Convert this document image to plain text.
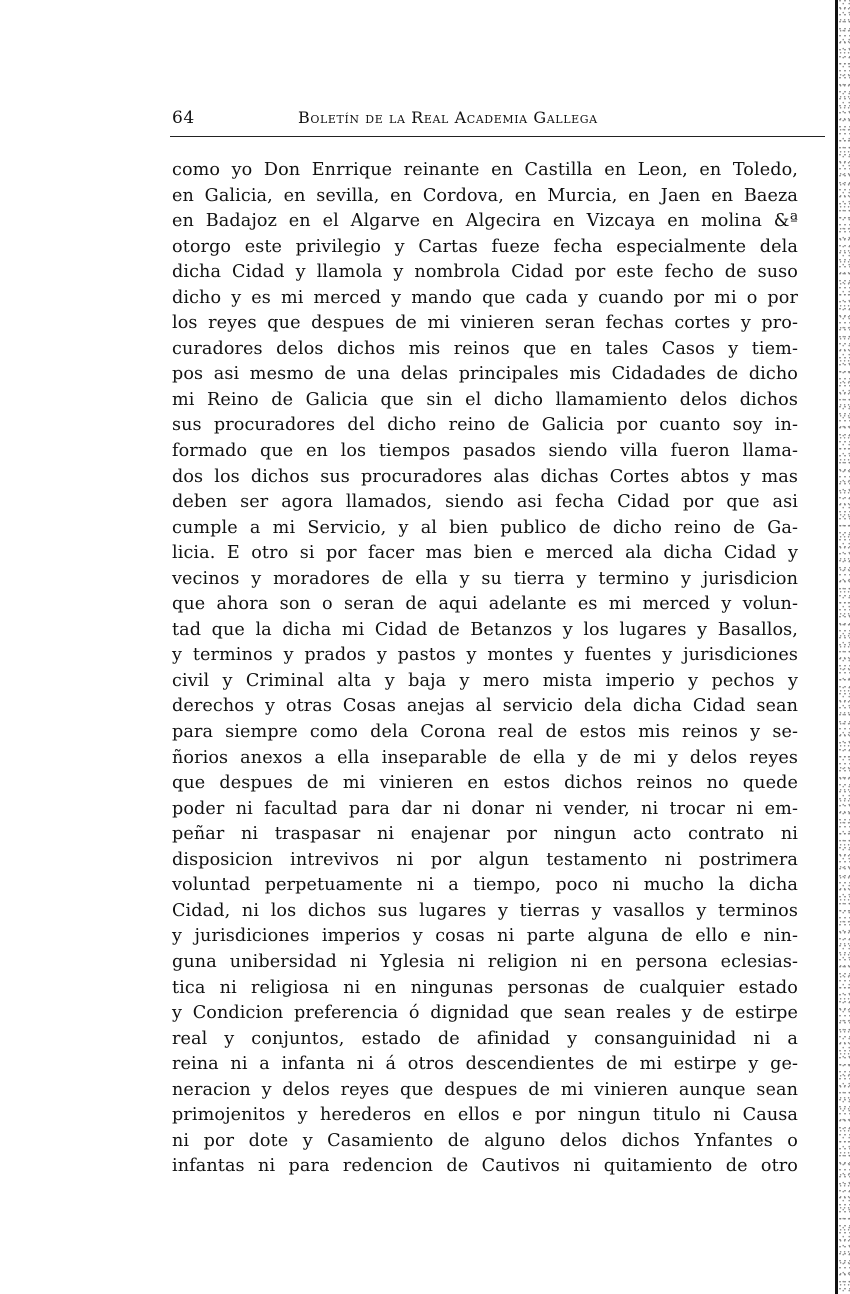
64	Boletín de la Real Academia Gallega
como yo Don Enrrique reinante en Castilla en Leon, en Toledo,
en Galicia, en sevilla, en Cordova, en Murcia, en Jaen en Baeza
en Badajoz en el Algarve en Algecira en Vizcaya en molina &ª
otorgo este privilegio y Cartas fueze fecha especialmente dela
dicha Cidad y llamola y nombrola Cidad por este fecho de suso
dicho y es mi merced y mando que cada y cuando por mi o por
los reyes que despues de mi vinieren seran fechas cortes y pro-
curadores delos dichos mis reinos que en tales Casos y tiem-
pos asi mesmo de una delas principales mis Cidadades de dicho
mi Reino de Galicia que sin el dicho llamamiento delos dichos
sus procuradores del dicho reino de Galicia por cuanto soy in-
formado que en los tiempos pasados siendo villa fueron llama-
dos los dichos sus procuradores alas dichas Cortes abtos y mas
deben ser agora llamados, siendo asi fecha Cidad por que asi
cumple a mi Servicio, y al bien publico de dicho reino de Ga-
licia. E otro si por facer mas bien e merced ala dicha Cidad y
vecinos y moradores de ella y su tierra y termino y jurisdicion
que ahora son o seran de aqui adelante es mi merced y volun-
tad que la dicha mi Cidad de Betanzos y los lugares y Basallos,
y terminos y prados y pastos y montes y fuentes y jurisdiciones
civil y Criminal alta y baja y mero mista imperio y pechos y
derechos y otras Cosas anejas al servicio dela dicha Cidad sean
para siempre como dela Corona real de estos mis reinos y se-
ñorios anexos a ella inseparable de ella y de mi y delos reyes
que despues de mi vinieren en estos dichos reinos no quede
poder ni facultad para dar ni donar ni vender, ni trocar ni em-
peñar ni traspasar ni enajenar por ningun acto contrato ni
disposicion intrevivos ni por algun testamento ni postrimera
voluntad perpetuamente ni a tiempo, poco ni mucho la dicha
Cidad, ni los dichos sus lugares y tierras y vasallos y terminos
y jurisdiciones imperios y cosas ni parte alguna de ello e nin-
guna unibersidad ni Yglesia ni religion ni en persona eclesias-
tica ni religiosa ni en ningunas personas de cualquier estado
y Condicion preferencia ó dignidad que sean reales y de estirpe
real y conjuntos, estado de afinidad y consanguinidad ni a
reina ni a infanta ni á otros descendientes de mi estirpe y ge-
neracion y delos reyes que despues de mi vinieren aunque sean
primojenitos y herederos en ellos e por ningun titulo ni Causa
ni por dote y Casamiento de alguno delos dichos Ynfantes o
infantas ni para redencion de Cautivos ni quitamiento de otro
